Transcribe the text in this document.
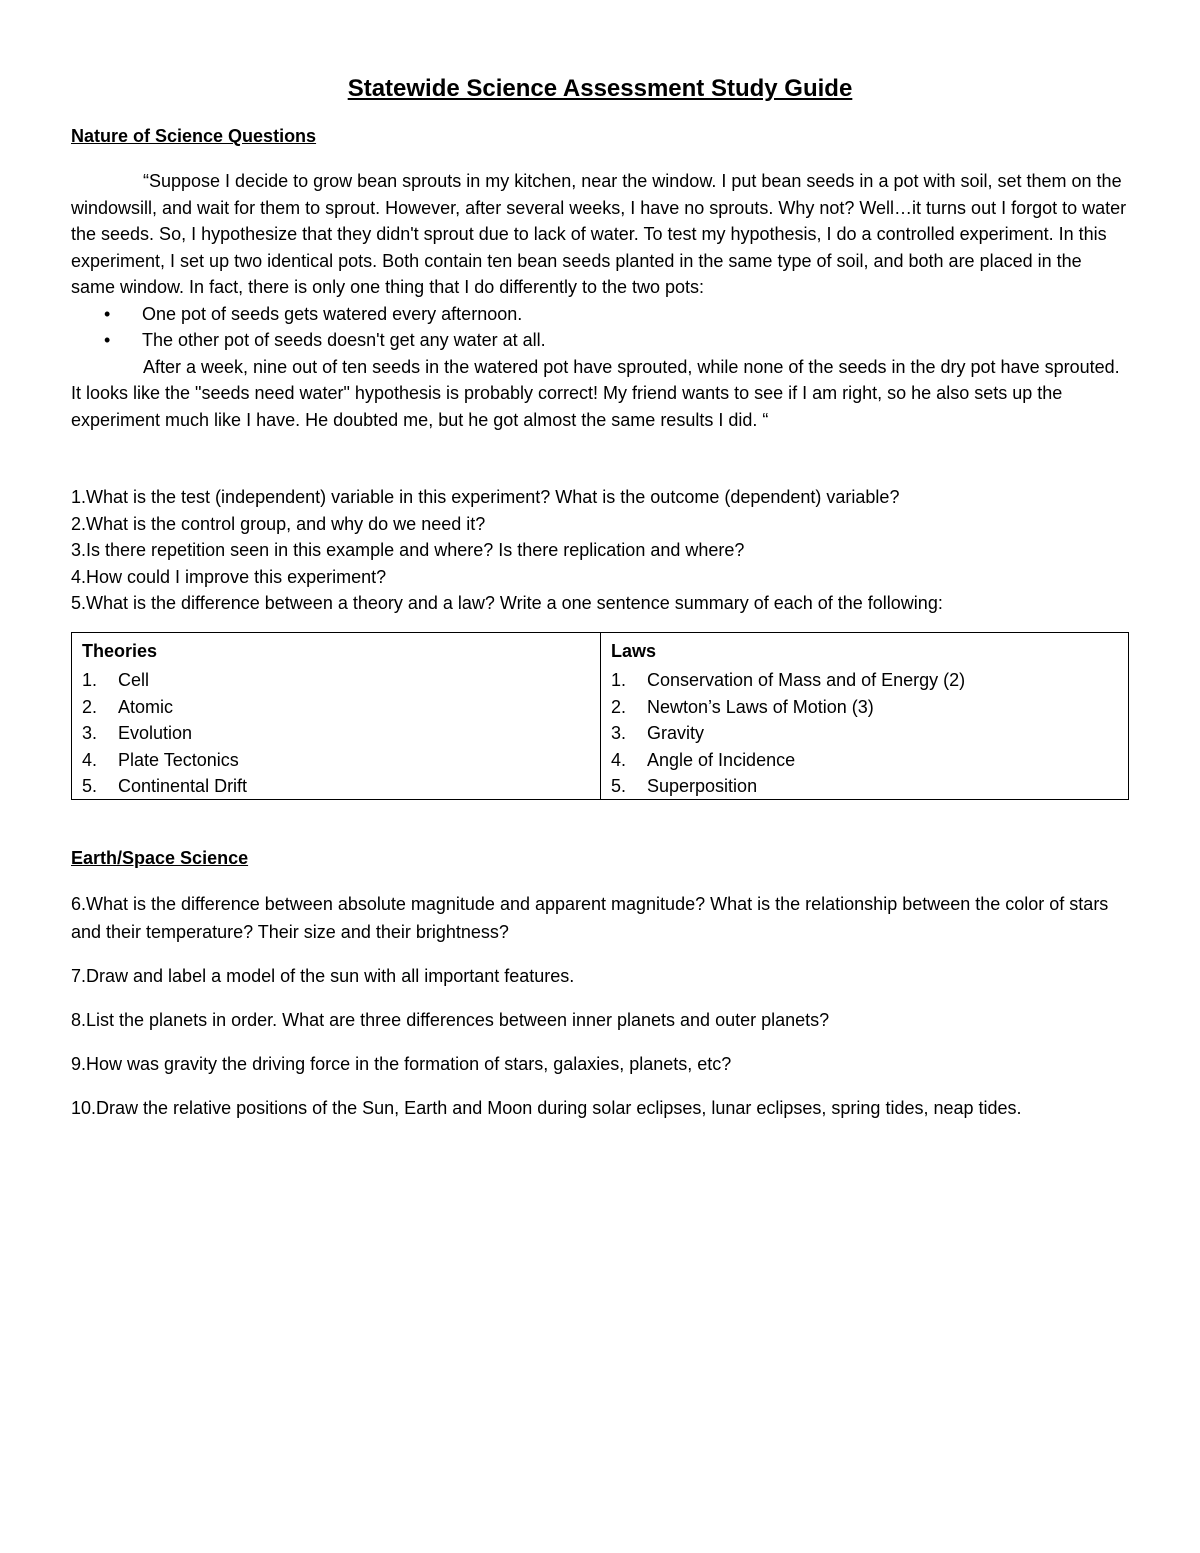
Statewide Science Assessment Study Guide
Nature of Science Questions

“Suppose I decide to grow bean sprouts in my kitchen, near the window. I put bean seeds in a pot with soil, set them on the windowsill, and wait for them to sprout. However, after several weeks, I have no sprouts. Why not? Well…it turns out I forgot to water the seeds. So, I hypothesize that they didn't sprout due to lack of water. To test my hypothesis, I do a controlled experiment. In this experiment, I set up two identical pots. Both contain ten bean seeds planted in the same type of soil, and both are placed in the same window. In fact, there is only one thing that I do differently to the two pots:

• One pot of seeds gets watered every afternoon.
• The other pot of seeds doesn't get any water at all.

After a week, nine out of ten seeds in the watered pot have sprouted, while none of the seeds in the dry pot have sprouted. It looks like the "seeds need water" hypothesis is probably correct! My friend wants to see if I am right, so he also sets up the experiment much like I have. He doubted me, but he got almost the same results I did. “

1.What is the test (independent) variable in this experiment? What is the outcome (dependent) variable?
2.What is the control group, and why do we need it?
3.Is there repetition seen in this example and where? Is there replication and where?
4.How could I improve this experiment?
5.What is the difference between a theory and a law? Write a one sentence summary of each of the following:
Theories
1. Cell
2. Atomic
3. Evolution
4. Plate Tectonics
5. Continental Drift
Laws
1. Conservation of Mass and of Energy (2)
2. Newton’s Laws of Motion (3)
3. Gravity
4. Angle of Incidence
5. Superposition
Earth/Space Science
6.What is the difference between absolute magnitude and apparent magnitude? What is the relationship between the color of stars and their temperature? Their size and their brightness?
7.Draw and label a model of the sun with all important features.
8.List the planets in order. What are three differences between inner planets and outer planets?
9.How was gravity the driving force in the formation of stars, galaxies, planets, etc?
10.Draw the relative positions of the Sun, Earth and Moon during solar eclipses, lunar eclipses, spring tides, neap tides.
